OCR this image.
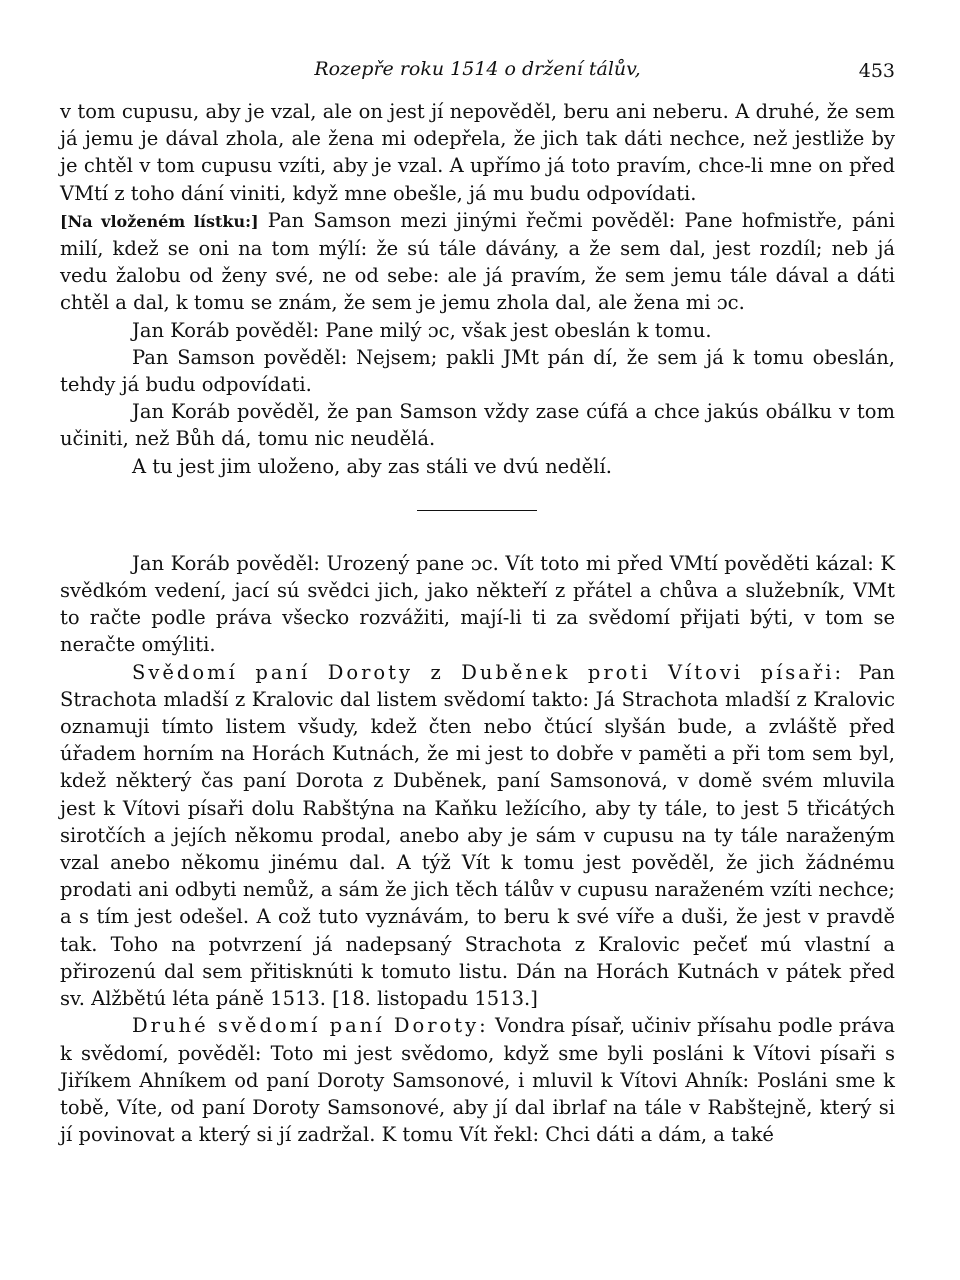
Rozepře roku 1514 o držení tálův,	453

v tom cupusu, aby je vzal, ale on jest jí nepověděl, beru ani neberu. A druhé, že sem já jemu je dával zhola, ale žena mi odepřela, že jich tak dáti nechce, než jestliže by je chtěl v tom cupusu vzíti, aby je vzal. A upřímo já toto pravím, chce-li mne on před VMtí z toho dání viniti, když mne obešle, já mu budu odpovídati.

[Na vloženém lístku:] Pan Samson mezi jinými řečmi pověděl: Pane hofmistře, páni milí, kdež se oni na tom mýlí: že sú tále dávány, a že sem dal, jest rozdíl; neb já vedu žalobu od ženy své, ne od sebe: ale já pravím, že sem jemu tále dával a dáti chtěl a dal, k tomu se znám, že sem je jemu zhola dal, ale žena mi ɔc.

Jan Koráb pověděl: Pane milý ɔc, však jest obeslán k tomu.

Pan Samson pověděl: Nejsem; pakli JMt pán dí, že sem já k tomu obeslán, tehdy já budu odpovídati.

Jan Koráb pověděl, že pan Samson vždy zase cúfá a chce jakús obálku v tom učiniti, než Bůh dá, tomu nic neudělá.

A tu jest jim uloženo, aby zas stáli ve dvú nedělí.

Jan Koráb pověděl: Urozený pane ɔc. Vít toto mi před VMtí pověděti kázal: K svědkóm vedení, jací sú svědci jich, jako někteří z přátel a chůva a služebník, VMt to račte podle práva všecko rozvážiti, mají-li ti za svědomí přijati býti, v tom se neračte omýliti.

Svědomí paní Doroty z Duběnek proti Vítovi písaři: Pan Strachota mladší z Kralovic dal listem svědomí takto: Já Strachota mladší z Kralovic oznamuji tímto listem všudy, kdež čten nebo čtúcí slyšán bude, a zvláště před úřadem horním na Horách Kutnách, že mi jest to dobře v paměti a při tom sem byl, kdež některý čas paní Dorota z Duběnek, paní Samsonová, v domě svém mluvila jest k Vítovi písaři dolu Rabštýna na Kaňku ležícího, aby ty tále, to jest 5 třicátých sirotčích a jejích někomu prodal, anebo aby je sám v cupusu na ty tále naraženým vzal anebo někomu jinému dal. A týž Vít k tomu jest pověděl, že jich žádnému prodati ani odbyti nemůž, a sám že jich těch tálův v cupusu naraženém vzíti nechce; a s tím jest odešel. A což tuto vyznávám, to beru k své víře a duši, že jest v pravdě tak. Toho na potvrzení já nadepsaný Strachota z Kralovic pečeť mú vlastní a přirozenú dal sem přitisknúti k tomuto listu. Dán na Horách Kutnách v pátek před sv. Alžbětú léta páně 1513. [18. listopadu 1513.]

Druhé svědomí paní Doroty: Vondra písař, učiniv přísahu podle práva k svědomí, pověděl: Toto mi jest svědomo, když sme byli posláni k Vítovi písaři s Jiříkem Ahníkem od paní Doroty Samsonové, i mluvil k Vítovi Ahník: Posláni sme k tobě, Víte, od paní Doroty Samsonové, aby jí dal ibrlaf na tále v Rabštejně, který si jí povinovat a který si jí zadržal. K tomu Vít řekl: Chci dáti a dám, a také
